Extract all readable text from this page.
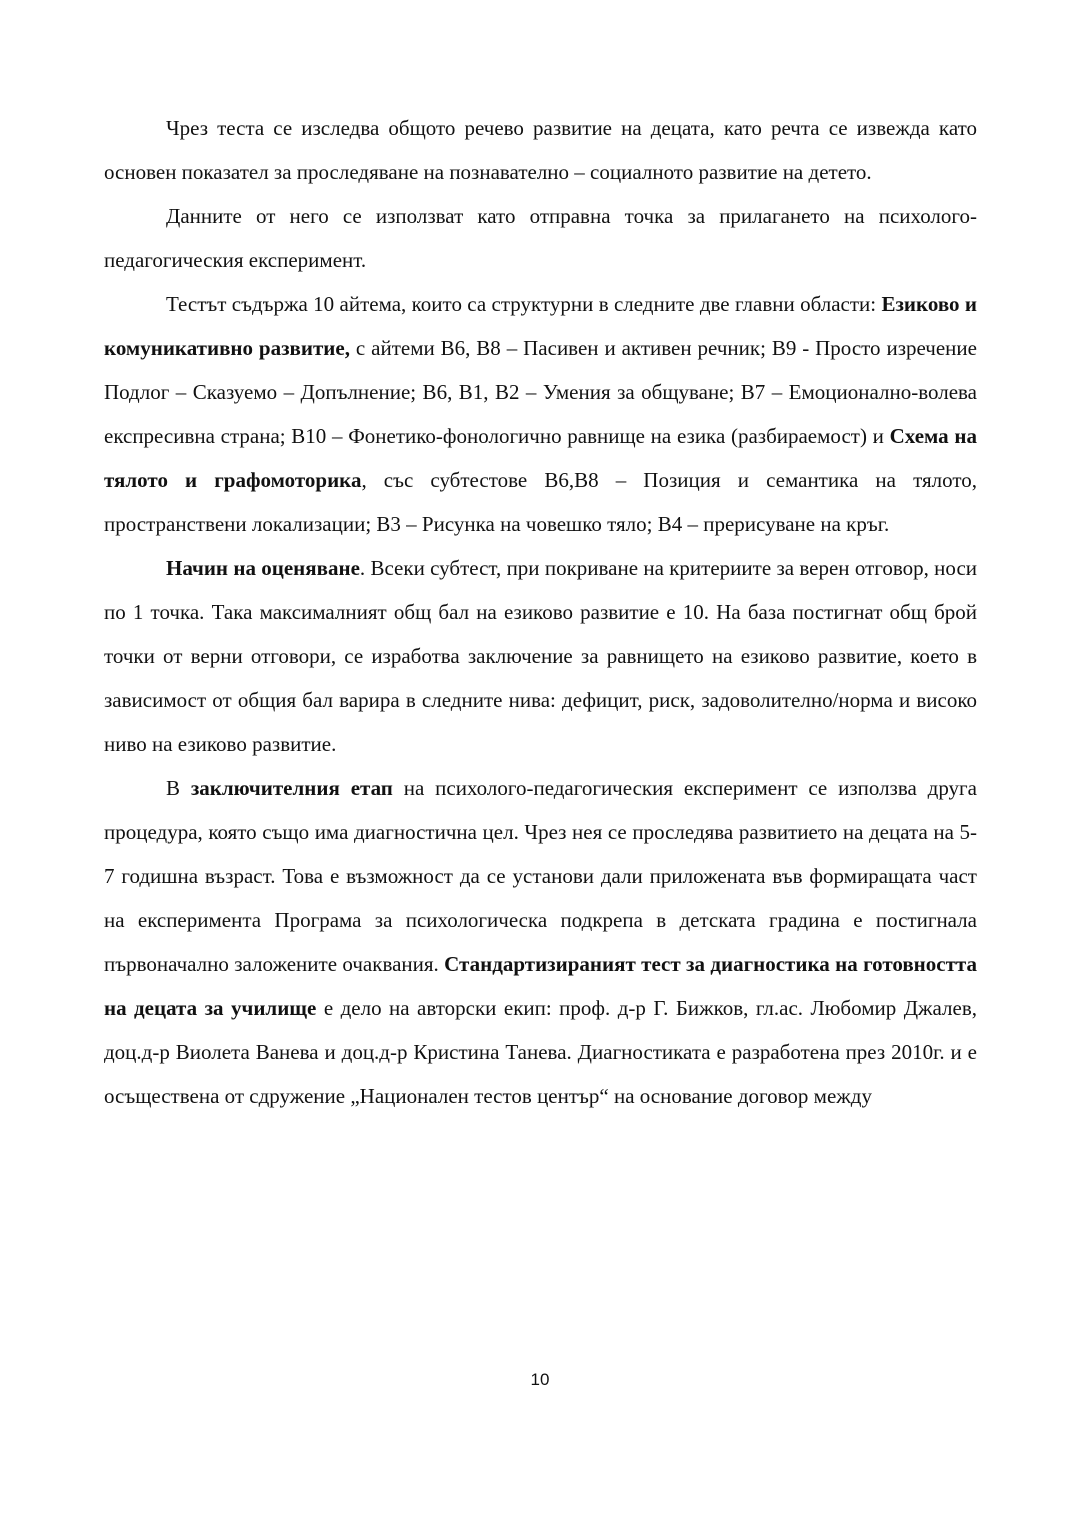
Чрез теста се изследва общото речево развитие на децата, като речта се извежда като основен показател за проследяване на познавателно – социалното развитие на детето.

Данните от него се използват като отправна точка за прилагането на психолого-педагогическия експеримент.

Тестът съдържа 10 айтема, които са структурни в следните две главни области: Езиково и комуникативно развитие, с айтеми В6, В8 – Пасивен и активен речник; В9 - Просто изречение Подлог – Сказуемо – Допълнение; В6, В1, В2 – Умения за общуване; В7 – Емоционално-волева експресивна страна; В10 – Фонетико-фонологично равнище на езика (разбираемост) и Схема на тялото и графомоторика, със субтестове В6,В8 – Позиция и семантика на тялото, пространствени локализации; В3 – Рисунка на човешко тяло; В4 – прерисуване на кръг.

Начин на оценяване. Всеки субтест, при покриване на критериите за верен отговор, носи по 1 точка. Така максималният общ бал на езиково развитие е 10. На база постигнат общ брой точки от верни отговори, се изработва заключение за равнището на езиково развитие, което в зависимост от общия бал варира в следните нива: дефицит, риск, задоволително/норма и високо ниво на езиково развитие.

В заключителния етап на психолого-педагогическия експеримент се използва друга процедура, която също има диагностична цел. Чрез нея се проследява развитието на децата на 5-7 годишна възраст. Това е възможност да се установи дали приложената във формиращата част на експеримента Програма за психологическа подкрепа в детската градина е постигнала първоначално заложените очаквания. Стандартизираният тест за диагностика на готовността на децата за училище е дело на авторски екип: проф. д-р Г. Бижков, гл.ас. Любомир Джалев, доц.д-р Виолета Ванева и доц.д-р Кристина Танева. Диагностиката е разработена през 2010г. и е осъществена от сдружение „Национален тестов център“ на основание договор между

10
